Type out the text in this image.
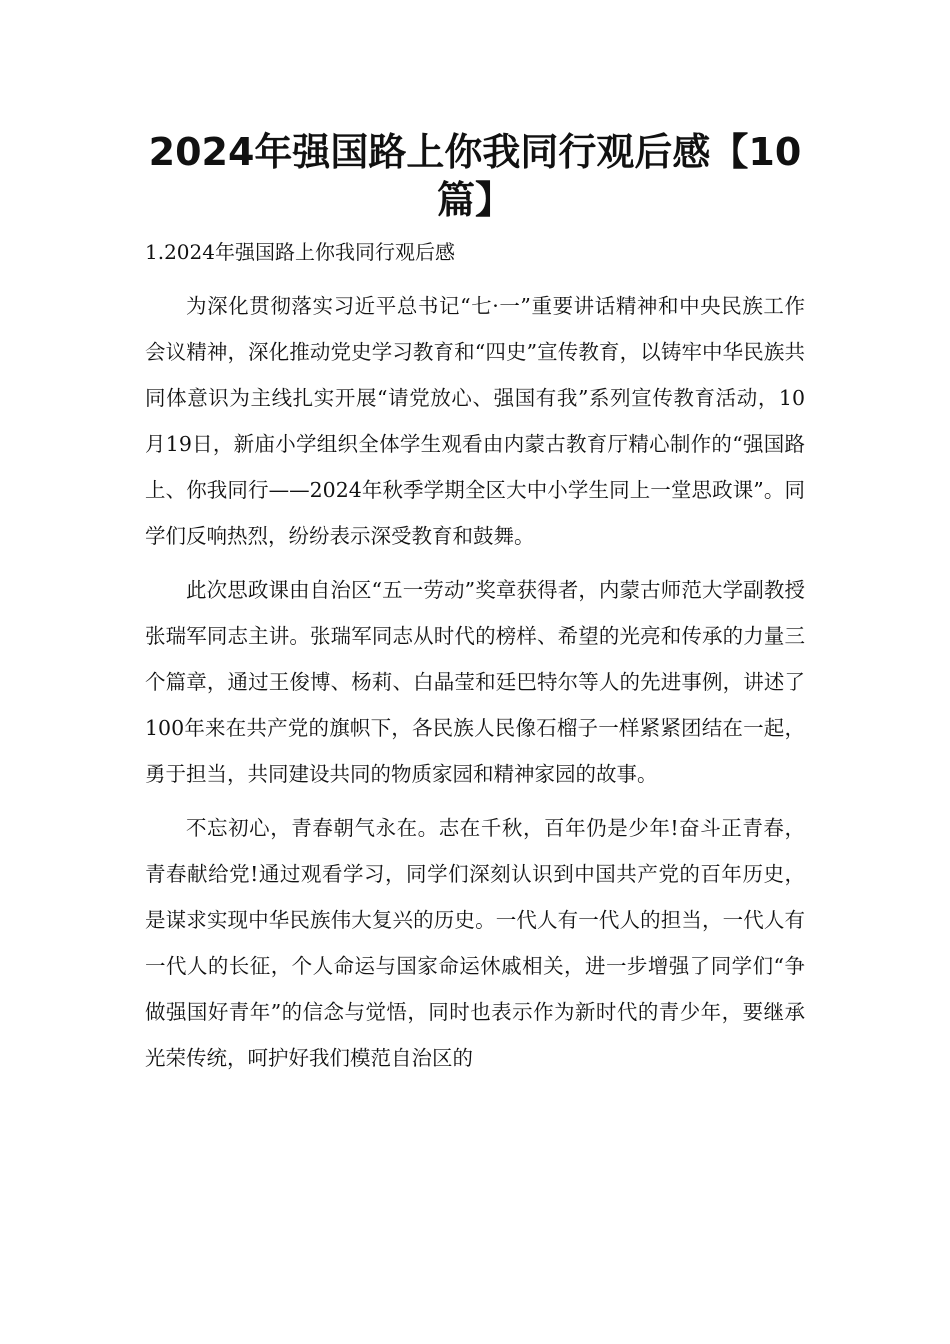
2024年强国路上你我同行观后感【10
篇】

1.2024年强国路上你我同行观后感

为深化贯彻落实习近平总书记“七·一”重要讲话精神和中央民族工作会议精神，深化推动党史学习教育和“四史”宣传教育，以铸牢中华民族共同体意识为主线扎实开展“请党放心、强国有我”系列宣传教育活动，10月19日，新庙小学组织全体学生观看由内蒙古教育厅精心制作的“强国路上、你我同行——2024年秋季学期全区大中小学生同上一堂思政课”。同学们反响热烈，纷纷表示深受教育和鼓舞。

此次思政课由自治区“五一劳动”奖章获得者，内蒙古师范大学副教授张瑞军同志主讲。张瑞军同志从时代的榜样、希望的光亮和传承的力量三个篇章，通过王俊博、杨莉、白晶莹和廷巴特尔等人的先进事例，讲述了100年来在共产党的旗帜下，各民族人民像石榴子一样紧紧团结在一起，勇于担当，共同建设共同的物质家园和精神家园的故事。

不忘初心，青春朝气永在。志在千秋，百年仍是少年!奋斗正青春，青春献给党!通过观看学习，同学们深刻认识到中国共产党的百年历史，是谋求实现中华民族伟大复兴的历史。一代人有一代人的担当，一代人有一代人的长征，个人命运与国家命运休戚相关，进一步增强了同学们“争做强国好青年”的信念与觉悟，同时也表示作为新时代的青少年，要继承光荣传统，呵护好我们模范自治区的
